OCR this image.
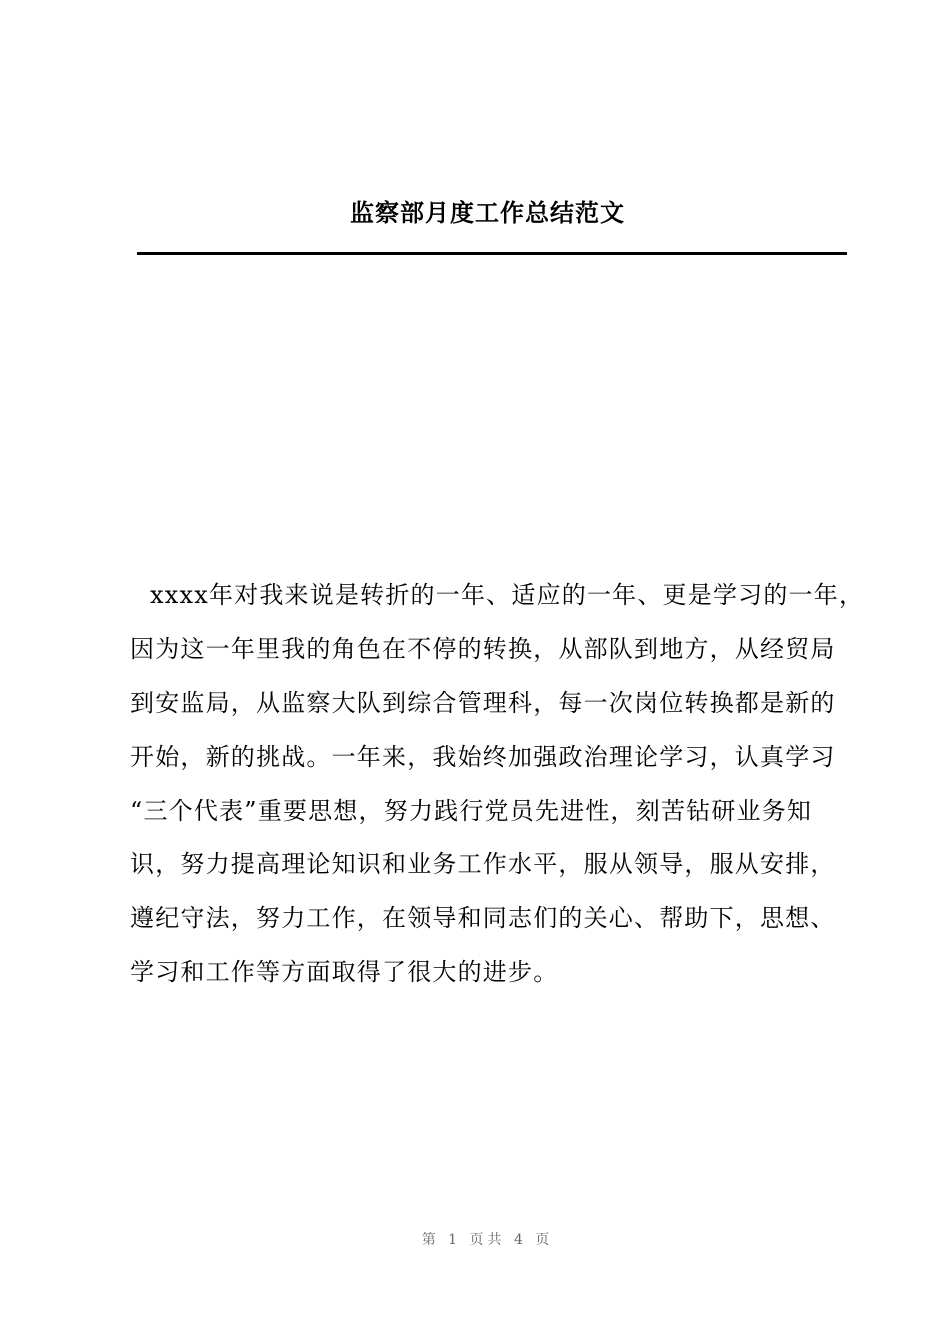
监察部月度工作总结范文
xxxx年对我来说是转折的一年、适应的一年、更是学习的一年，
因为这一年里我的角色在不停的转换，从部队到地方，从经贸局
到安监局，从监察大队到综合管理科，每一次岗位转换都是新的
开始，新的挑战。一年来，我始终加强政治理论学习，认真学习
“三个代表”重要思想，努力践行党员先进性，刻苦钻研业务知
识，努力提高理论知识和业务工作水平，服从领导，服从安排，
遵纪守法，努力工作，在领导和同志们的关心、帮助下，思想、
学习和工作等方面取得了很大的进步。
第 1 页共 4 页
